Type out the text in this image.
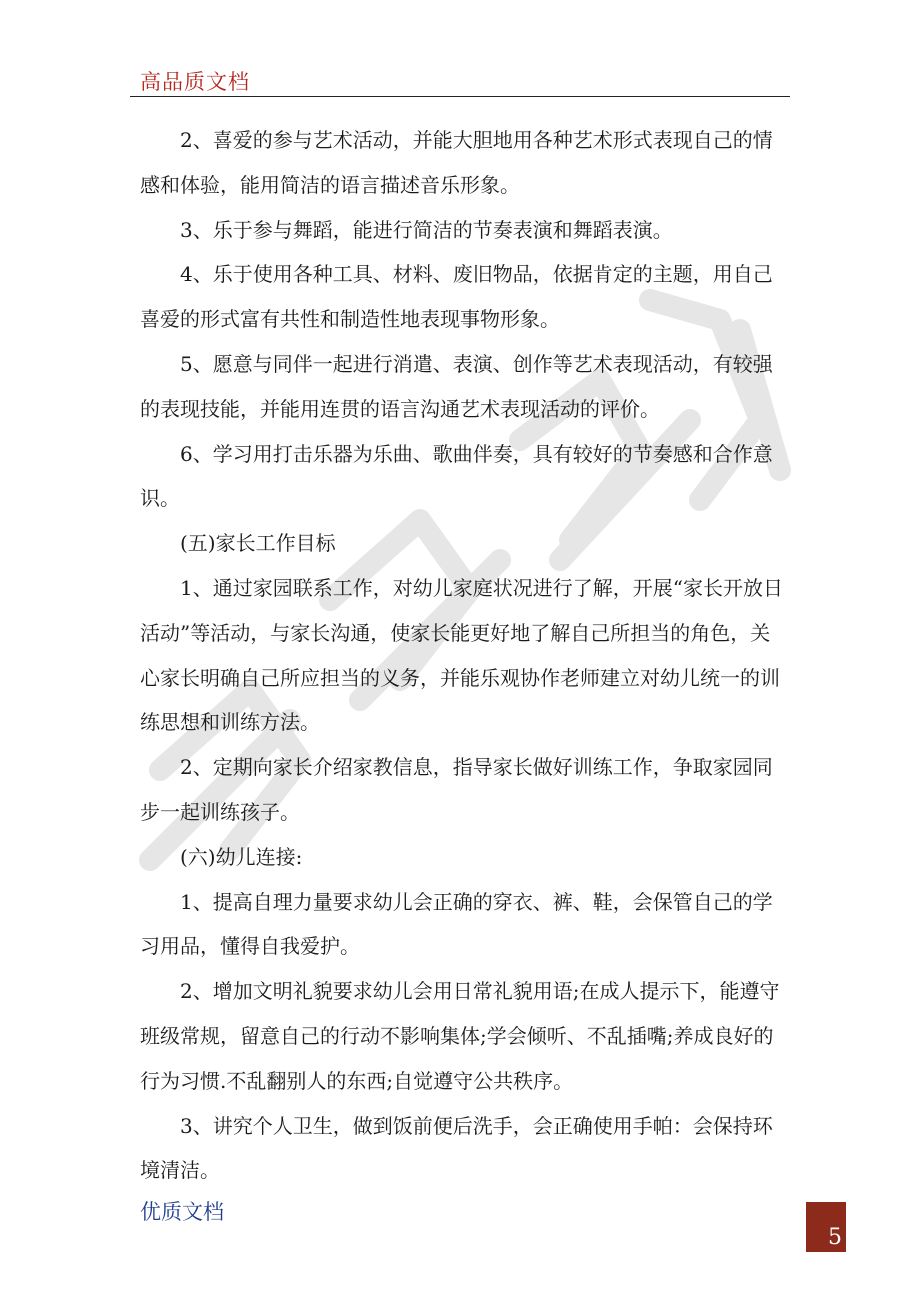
高品质文档

2、喜爱的参与艺术活动，并能大胆地用各种艺术形式表现自己的情感和体验，能用简洁的语言描述音乐形象。

3、乐于参与舞蹈，能进行简洁的节奏表演和舞蹈表演。

4、乐于使用各种工具、材料、废旧物品，依据肯定的主题，用自己喜爱的形式富有共性和制造性地表现事物形象。

5、愿意与同伴一起进行消遣、表演、创作等艺术表现活动，有较强的表现技能，并能用连贯的语言沟通艺术表现活动的评价。

6、学习用打击乐器为乐曲、歌曲伴奏，具有较好的节奏感和合作意识。

(五)家长工作目标

1、通过家园联系工作，对幼儿家庭状况进行了解，开展“家长开放日活动”等活动，与家长沟通，使家长能更好地了解自己所担当的角色，关心家长明确自己所应担当的义务，并能乐观协作老师建立对幼儿统一的训练思想和训练方法。

2、定期向家长介绍家教信息，指导家长做好训练工作，争取家园同步一起训练孩子。

(六)幼儿连接:

1、提高自理力量要求幼儿会正确的穿衣、裤、鞋，会保管自己的学习用品，懂得自我爱护。

2、增加文明礼貌要求幼儿会用日常礼貌用语;在成人提示下，能遵守班级常规，留意自己的行动不影响集体;学会倾听、不乱插嘴;养成良好的行为习惯.不乱翻别人的东西;自觉遵守公共秩序。

3、讲究个人卫生，做到饭前便后洗手，会正确使用手帕：会保持环境清洁。

优质文档
5
